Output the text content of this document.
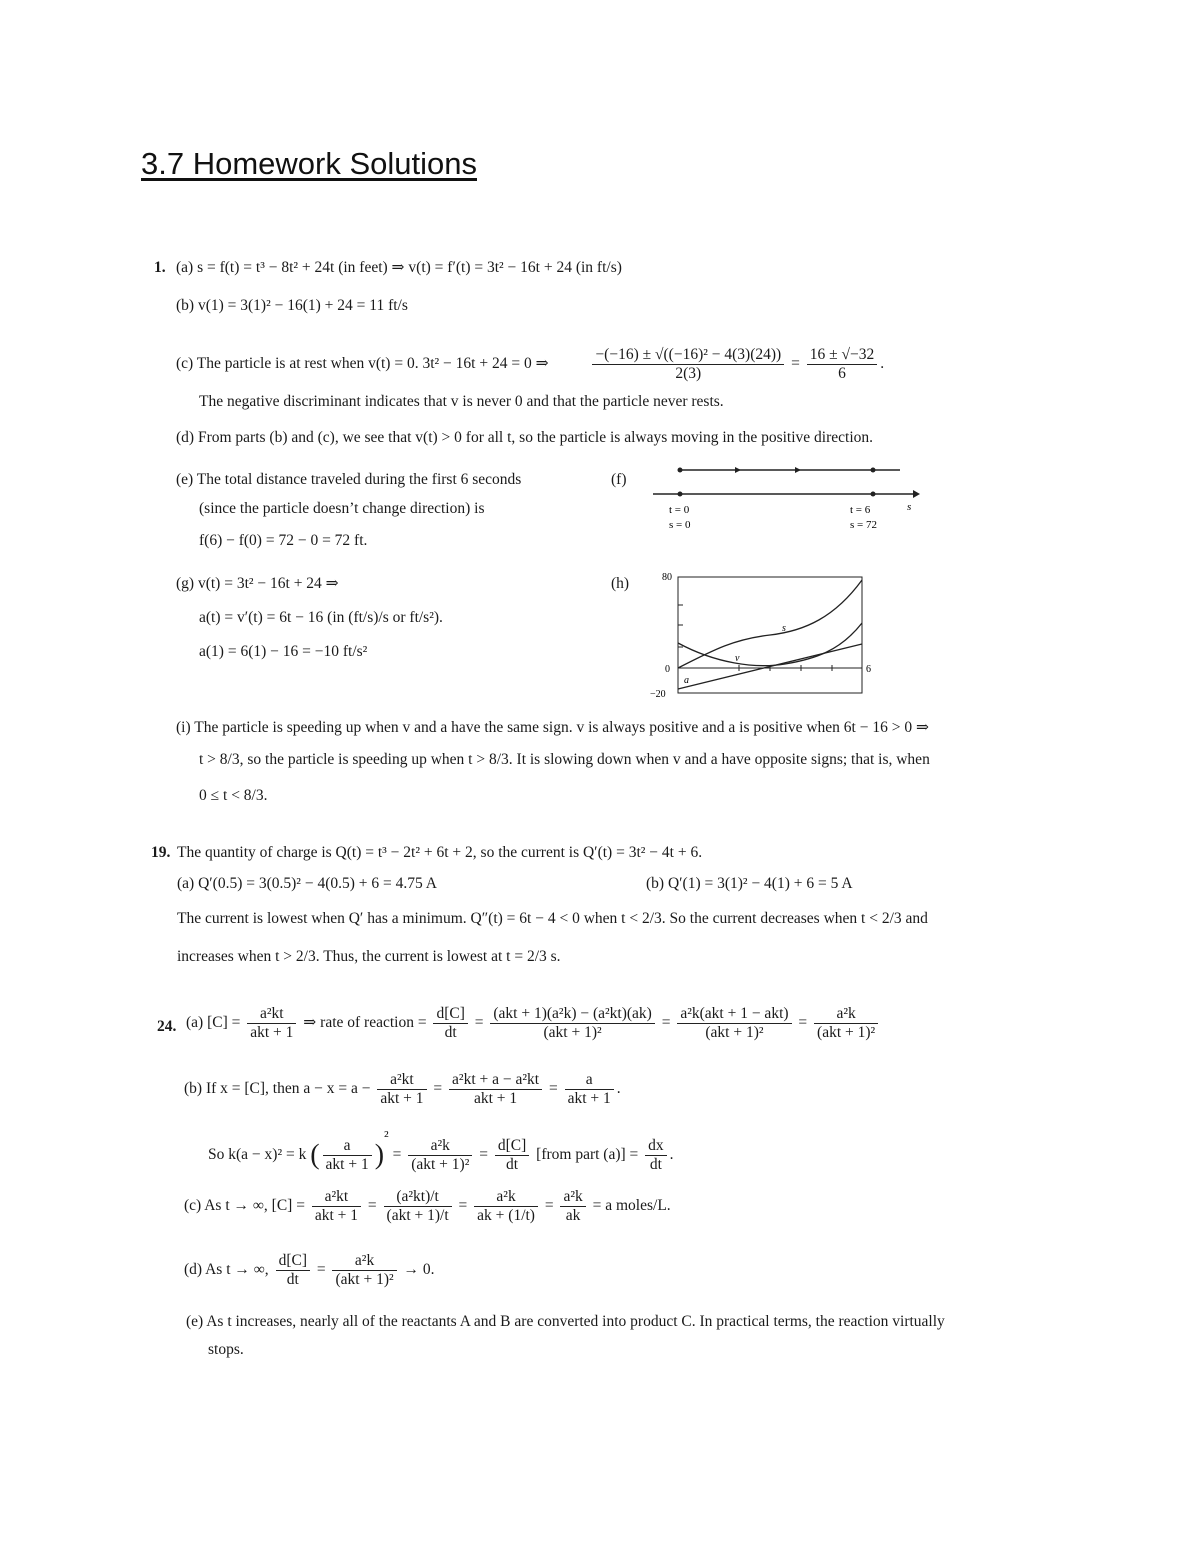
3.7 Homework Solutions
1. (a) s = f(t) = t³ − 8t² + 24t (in feet) ⇒ v(t) = f′(t) = 3t² − 16t + 24 (in ft/s)
(b) v(1) = 3(1)² − 16(1) + 24 = 11 ft/s
(c) The particle is at rest when v(t) = 0. 3t² − 16t + 24 = 0 ⇒	$\frac{\text{−(−16) ± √((−16)² − 4(3)(24))}}{2(3)} = \frac{16 \pm √-32}{6}$ .
The negative discriminant indicates that v is never 0 and that the particle never rests.
(d) From parts (b) and (c), we see that v(t) > 0 for all t, so the particle is always moving in the positive direction.
(e) The total distance traveled during the first 6 seconds
(since the particle doesn’t change direction) is
f(6) − f(0) = 72 − 0 = 72 ft.
(f)
t = 0
s = 0
t = 6
s = 72
s
(g) v(t) = 3t² − 16t + 24 ⇒
a(t) = v′(t) = 6t − 16 (in (ft/s)/s or ft/s²).
a(1) = 6(1) − 16 = −10 ft/s²
(h)	80
0
−20
6
s
v
a
(i) The particle is speeding up when v and a have the same sign. v is always positive and a is positive when 6t − 16 > 0 ⇒
t > 8/3, so the particle is speeding up when t > 8/3. It is slowing down when v and a have opposite signs; that is, when
0 ≤ t < 8/3.
19. The quantity of charge is Q(t) = t³ − 2t² + 6t + 2, so the current is Q′(t) = 3t² − 4t + 6.
(a) Q′(0.5) = 3(0.5)² − 4(0.5) + 6 = 4.75 A	(b) Q′(1) = 3(1)² − 4(1) + 6 = 5 A
The current is lowest when Q′ has a minimum. Q″(t) = 6t − 4 < 0 when t < 2/3. So the current decreases when t < 2/3 and
increases when t > 2/3. Thus, the current is lowest at t = 2/3 s.
24. (a) $[C] = \frac{\text{a²kt}}{\text{akt + 1}}$ ⇒ rate of reaction = $\frac{d[C]}{dt} = \frac{\text{(akt + 1)(a²k) − (a²kt)(ak)}}{\text{(akt + 1)²}} = \frac{\text{a²k(akt + 1 − akt)}}{\text{(akt + 1)²}} = \frac{\text{a²k}}{\text{(akt + 1)²}}$
(b) If x = [C], then $a - x = a - \frac{\text{a²kt}}{\text{akt + 1}} = \frac{\text{a²kt + a − a²kt}}{\text{akt + 1}} = \frac{a}{\text{akt + 1}}$ .
So k(a − x)² = k ( $\frac{a}{\text{akt + 1}} )^2 = \frac{\text{a²k}}{\text{(akt + 1)²}} = \frac{d[C]}{dt}$ [from part $(a)] = \frac{dx}{dt}$ .
(c) As t → ∞, $[C] = \frac{\text{a²kt}}{\text{akt + 1}} = \frac{\text{(a²kt)/t}}{\text{(akt + 1)/t}} = \frac{\text{a²k}}{ak + (1/t)} = \frac{\text{a²k}}{ak} = a$ moles/L.
(d) As t → ∞, $\frac{d[C]}{dt} = \frac{\text{a²k}}{\text{(akt + 1)²}} \to 0$.
(e) As t increases, nearly all of the reactants A and B are converted into product C. In practical terms, the reaction virtually
stops.
